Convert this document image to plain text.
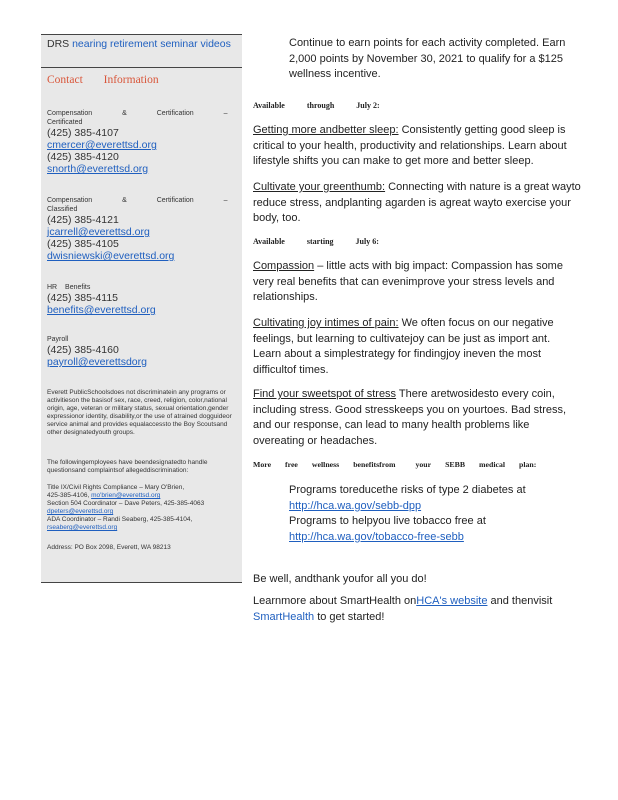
DRS nearing retirement seminar videos
Contact Information
Compensation & Certification –
Certificated
(425) 385-4107
cmercer@everettsd.org
(425) 385-4120
snorth@everettsd.org
Compensation & Certification –
Classified
(425) 385-4121
jcarrell@everettsd.org
(425) 385-4105
dwisniewski@everettsd.org
HR Benefits
(425) 385-4115
benefits@everettsd.org
Payroll
(425) 385-4160
payroll@everettsdorg
Everett PublicSchoolsdoes not discriminatein any programs or activitieson the basisof sex, race, creed, religion, color,national origin, age, veteran or military status, sexual orientation,gender expressionor identity, disability,or the use of atrained dogguideor service animal and provides equalaccessto the Boy Scoutsand other designatedyouth groups.
The followingemployees have beendesignatedto handle questionsand complaintsof allegeddiscrimination:
Title IX/Civil Rights Compliance – Mary O'Brien,
425-385-4106, mo'brien@everettsd.org
Section 504 Coordinator – Dave Peters, 425-385-4063
dpeters@everettsd.org
ADA Coordinator – Randi Seaberg, 425-385-4104,
rseaberg@everettsd.org
Address: PO Box 2098, Everett, WA 98213
Continue to earn points for each activity completed. Earn 2,000 points by November 30, 2021 to qualify for a $125 wellness incentive.
Available	through	July 2:
Getting more andbetter sleep: Consistently getting good sleep is critical to your health, productivity and relationships. Learn about lifestyle shifts you can make to get more and better sleep.
Cultivate your greenthumb: Connecting with nature is a great wayto reduce stress, andplanting agarden is agreat wayto exercise your body, too.
Available	starting	July 6:
Compassion – little acts with big impact: Compassion has some very real benefits that can evenimprove your stress levels and relationships.
Cultivating joy intimes of pain: We often focus on our negative feelings, but learning to cultivatejoy can be just as import ant. Learn about a simplestrategy for findingjoy ineven the most difficultof times.
Find your sweetspot of stress There aretwosidesto every coin, including stress. Good stresskeeps you on yourtoes. Bad stress, and our response, can lead to many health problems like overeating or headaches.
More free wellness benefitsfrom	your SEBB medical plan:
Programs toreducethe risks of type 2 diabetes at
http://hca.wa.gov/sebb-dpp
Programs to helpyou live tobacco free at
http://hca.wa.gov/tobacco-free-sebb
Be well, andthank youfor all you do!
Learnmore about SmartHealth onHCA's website and thenvisit
SmartHealth to get started!
